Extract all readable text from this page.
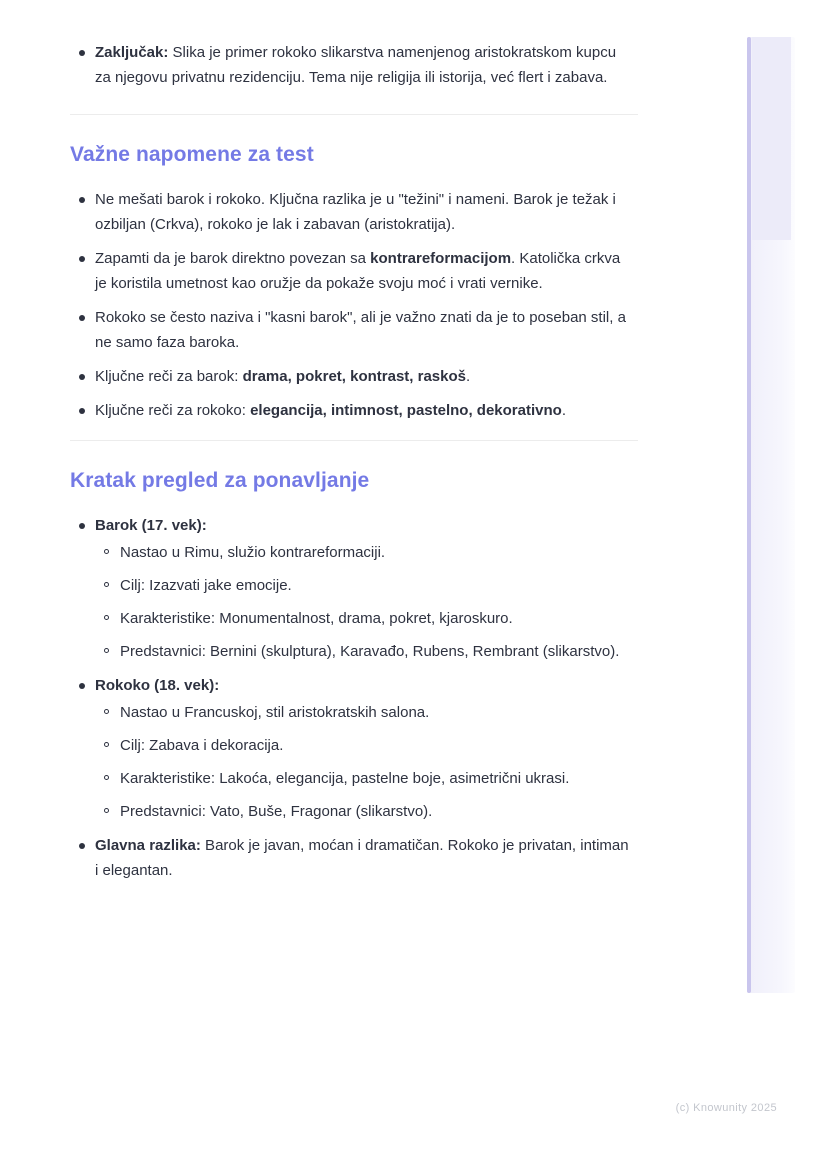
Zaključak: Slika je primer rokoko slikarstva namenjenog aristokratskom kupcu za njegovu privatnu rezidenciju. Tema nije religija ili istorija, već flert i zabava.
Važne napomene za test
Ne mešati barok i rokoko. Ključna razlika je u "težini" i nameni. Barok je težak i ozbiljan (Crkva), rokoko je lak i zabavan (aristokratija).
Zapamti da je barok direktno povezan sa kontrareformacijom. Katolička crkva je koristila umetnost kao oružje da pokaže svoju moć i vrati vernike.
Rokoko se često naziva i "kasni barok", ali je važno znati da je to poseban stil, a ne samo faza baroka.
Ključne reči za barok: drama, pokret, kontrast, raskoš.
Ključne reči za rokoko: elegancija, intimnost, pastelno, dekorativno.
Kratak pregled za ponavljanje
Barok (17. vek):
Nastao u Rimu, služio kontrareformaciji.
Cilj: Izazvati jake emocije.
Karakteristike: Monumentalnost, drama, pokret, kjaroskuro.
Predstavnici: Bernini (skulptura), Karavađo, Rubens, Rembrant (slikarstvo).
Rokoko (18. vek):
Nastao u Francuskoj, stil aristokratskih salona.
Cilj: Zabava i dekoracija.
Karakteristike: Lakoća, elegancija, pastelne boje, asimetrični ukrasi.
Predstavnici: Vato, Buše, Fragonar (slikarstvo).
Glavna razlika: Barok je javan, moćan i dramatičan. Rokoko je privatan, intiman i elegantan.
(c) Knowunity 2025
